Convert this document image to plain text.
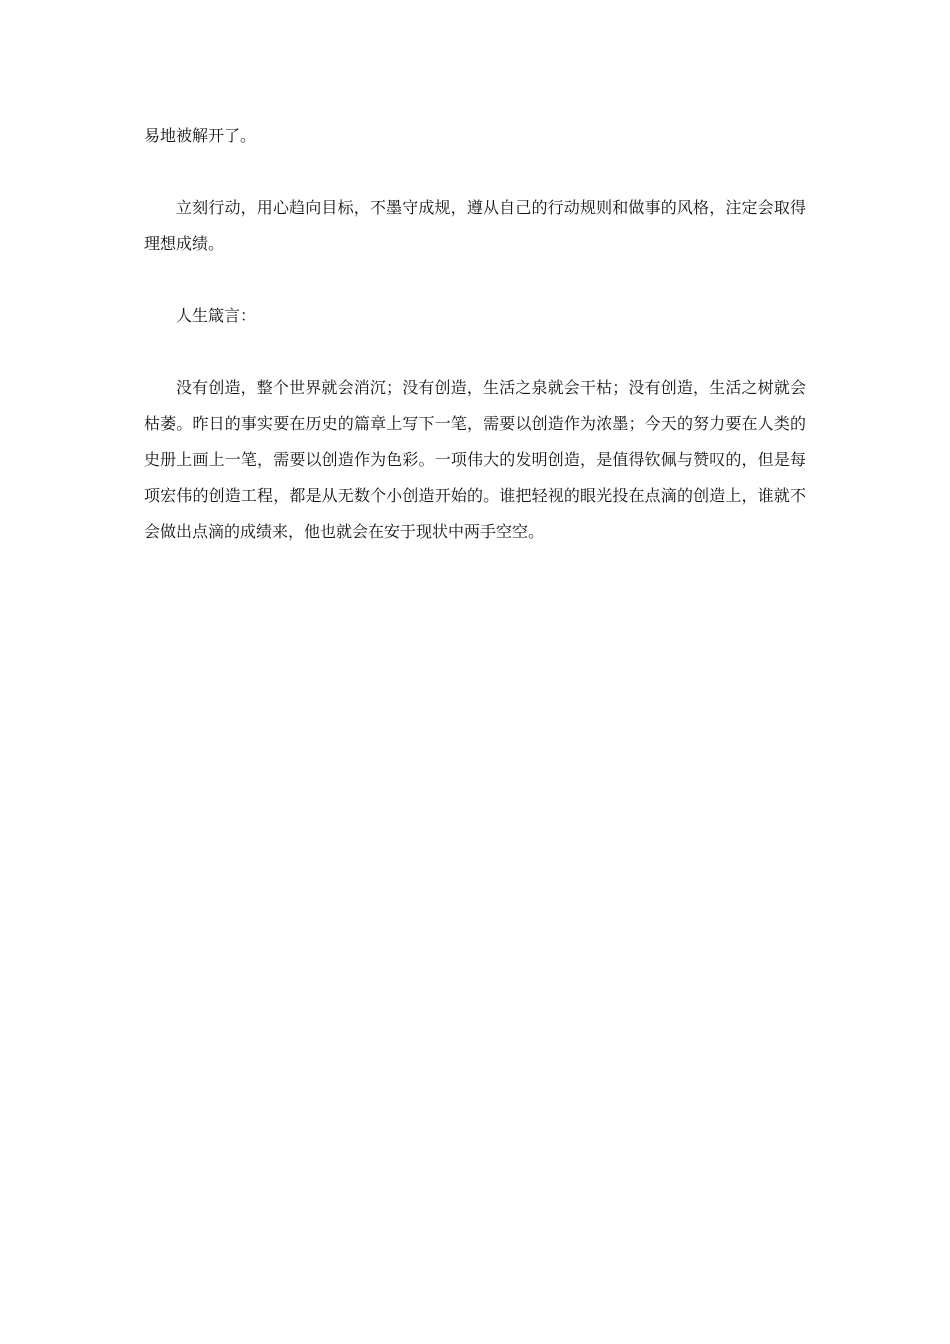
易地被解开了。

立刻行动，用心趋向目标，不墨守成规，遵从自己的行动规则和做事的风格，注定会取得理想成绩。

人生箴言：

没有创造，整个世界就会消沉；没有创造，生活之泉就会干枯；没有创造，生活之树就会枯萎。昨日的事实要在历史的篇章上写下一笔，需要以创造作为浓墨；今天的努力要在人类的史册上画上一笔，需要以创造作为色彩。一项伟大的发明创造，是值得钦佩与赞叹的，但是每项宏伟的创造工程，都是从无数个小创造开始的。谁把轻视的眼光投在点滴的创造上，谁就不会做出点滴的成绩来，他也就会在安于现状中两手空空。
